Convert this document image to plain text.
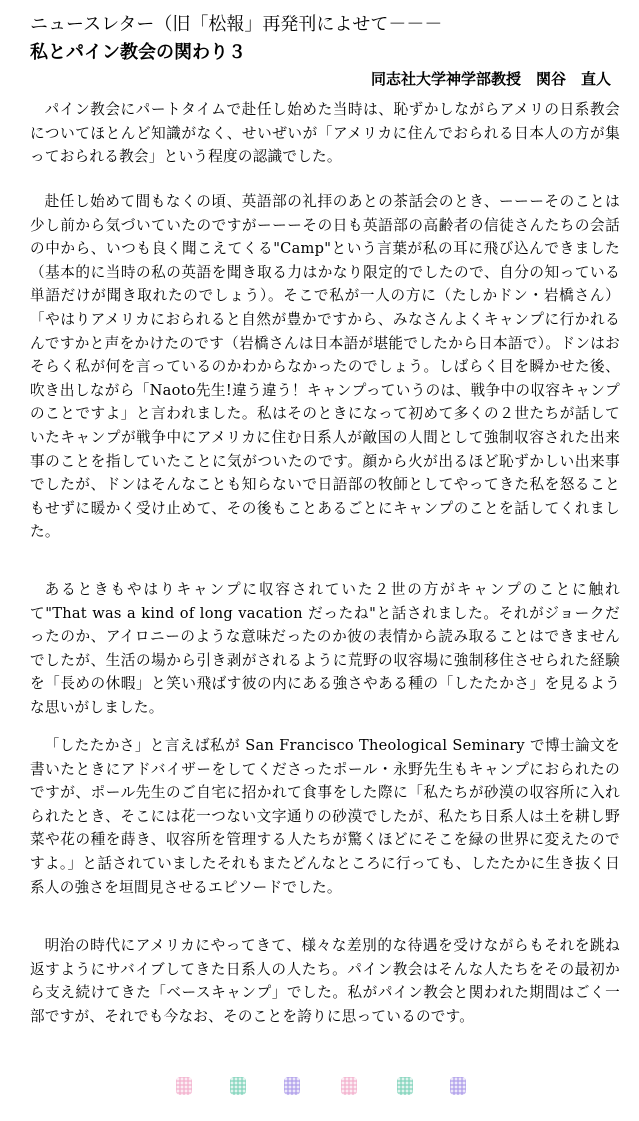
ニュースレター（旧「松報」再発刊によせて－－－
私とパイン教会の関わり３

同志社大学神学部教授　関谷　直人

パイン教会にパートタイムで赴任し始めた当時は、恥ずかしながらアメリの日系教会についてほとんど知識がなく、せいぜいが「アメリカに住んでおられる日本人の方が集っておられる教会」という程度の認識でした。

赴任し始めて間もなくの頃、英語部の礼拝のあとの茶話会のとき、ーーーそのことは少し前から気づいていたのですがーーーその日も英語部の高齢者の信徒さんたちの会話の中から、いつも良く聞こえてくる"Camp"という言葉が私の耳に飛び込んできました（基本的に当時の私の英語を聞き取る力はかなり限定的でしたので、自分の知っている単語だけが聞き取れたのでしょう）。そこで私が一人の方に（たしかドン・岩橋さん）「やはりアメリカにおられると自然が豊かですから、みなさんよくキャンプに行かれるんですかと声をかけたのです（岩橋さんは日本語が堪能でしたから日本語で）。ドンはおそらく私が何を言っているのかわからなかったのでしょう。しばらく目を瞬かせた後、吹き出しながら「Naoto先生!違う違う！キャンプっていうのは、戦争中の収容キャンプのことですよ」と言われました。私はそのときになって初めて多くの２世たちが話していたキャンプが戦争中にアメリカに住む日系人が敵国の人間として強制収容された出来事のことを指していたことに気がついたのです。顔から火が出るほど恥ずかしい出来事でしたが、ドンはそんなことも知らないで日語部の牧師としてやってきた私を怒ることもせずに暖かく受け止めて、その後もことあるごとにキャンプのことを話してくれました。

あるときもやはりキャンプに収容されていた２世の方がキャンプのことに触れて"That was a kind of long vacation だったね"と話されました。それがジョークだったのか、アイロニーのような意味だったのか彼の表情から読み取ることはできませんでしたが、生活の場から引き剥がされるように荒野の収容場に強制移住させられた経験を「長めの休暇」と笑い飛ばす彼の内にある強さやある種の「したたかさ」を見るような思いがしました。

「したたかさ」と言えば私が San Francisco Theological Seminary で博士論文を書いたときにアドバイザーをしてくださったポール・永野先生もキャンプにおられたのですが、ポール先生のご自宅に招かれて食事をした際に「私たちが砂漠の収容所に入れられたとき、そこには花一つない文字通りの砂漠でしたが、私たち日系人は土を耕し野菜や花の種を蒔き、収容所を管理する人たちが驚くほどにそこを緑の世界に変えたのですよ。」と話されていましたそれもまたどんなところに行っても、したたかに生き抜く日系人の強さを垣間見させるエピソードでした。

明治の時代にアメリカにやってきて、様々な差別的な待遇を受けながらもそれを跳ね返すようにサバイブしてきた日系人の人たち。パイン教会はそんな人たちをその最初から支え続けてきた「ベースキャンプ」でした。私がパイン教会と関われた期間はごく一部ですが、それでも今なお、そのことを誇りに思っているのです。
